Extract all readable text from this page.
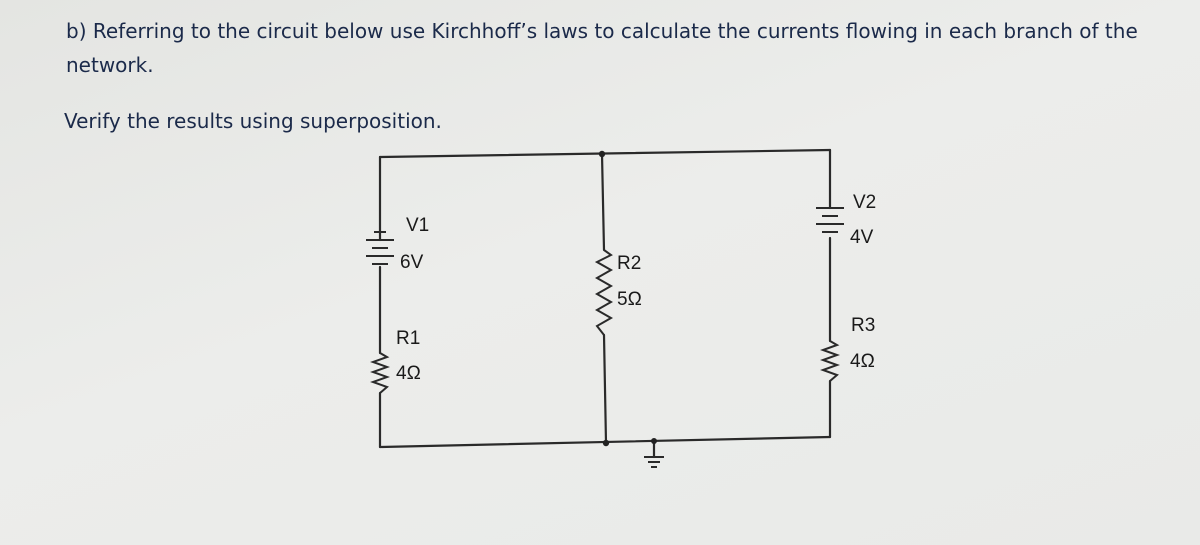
b) Referring to the circuit below use Kirchhoff’s laws to calculate the currents flowing in each branch of the network.

Verify the results using superposition.

V1
6V
R1
4Ω
R2
5Ω
V2
4V
R3
4Ω
